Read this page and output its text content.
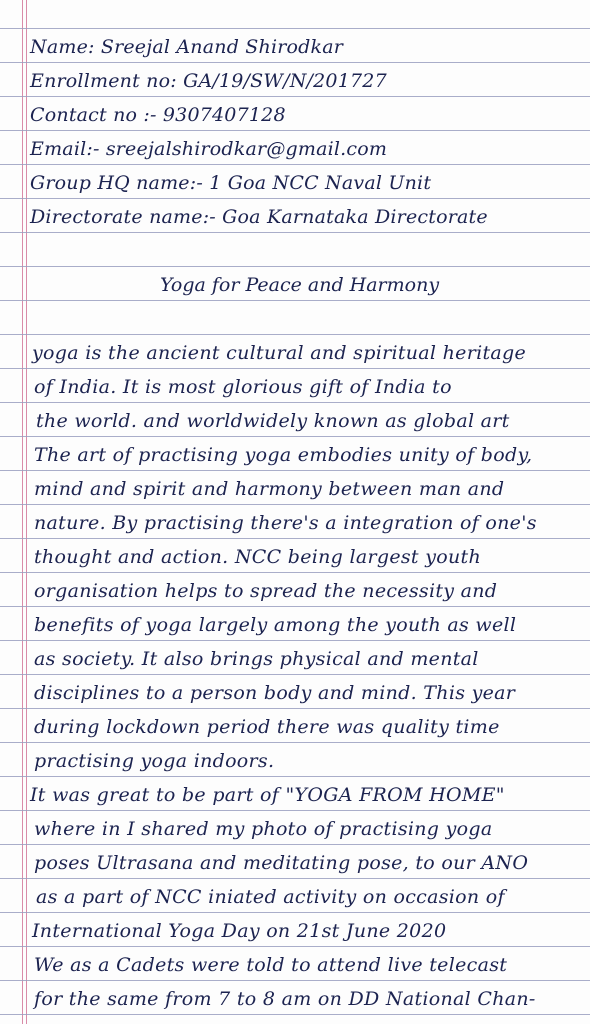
Name: Sreejal Anand Shirodkar
Enrollment no: GA/19/SW/N/201727
Contact no :- 9307407128
Email:- sreejalshirodkar@gmail.com
Group HQ name:- 1 Goa NCC Naval Unit
Directorate name:- Goa Karnataka Directorate
Yoga for Peace and Harmony
yoga is the ancient cultural and spiritual heritage
of India. It is most glorious gift of India to
the world. and worldwidely known as global art
The art of practising yoga embodies unity of body,
mind and spirit and harmony between man and
nature. By practising there's a integration of one's
thought and action. NCC being largest youth
organisation helps to spread the necessity and
benefits of yoga largely among the youth as well
as society. It also brings physical and mental
disciplines to a person body and mind. This year
during lockdown period there was quality time
practising yoga indoors.
It was great to be part of "YOGA FROM HOME"
where in I shared my photo of practising yoga
poses Ultrasana and meditating pose, to our ANO
as a part of NCC iniated activity on occasion of
International Yoga Day on 21st June 2020
We as a Cadets were told to attend live telecast
for the same from 7 to 8 am on DD National Chan-
